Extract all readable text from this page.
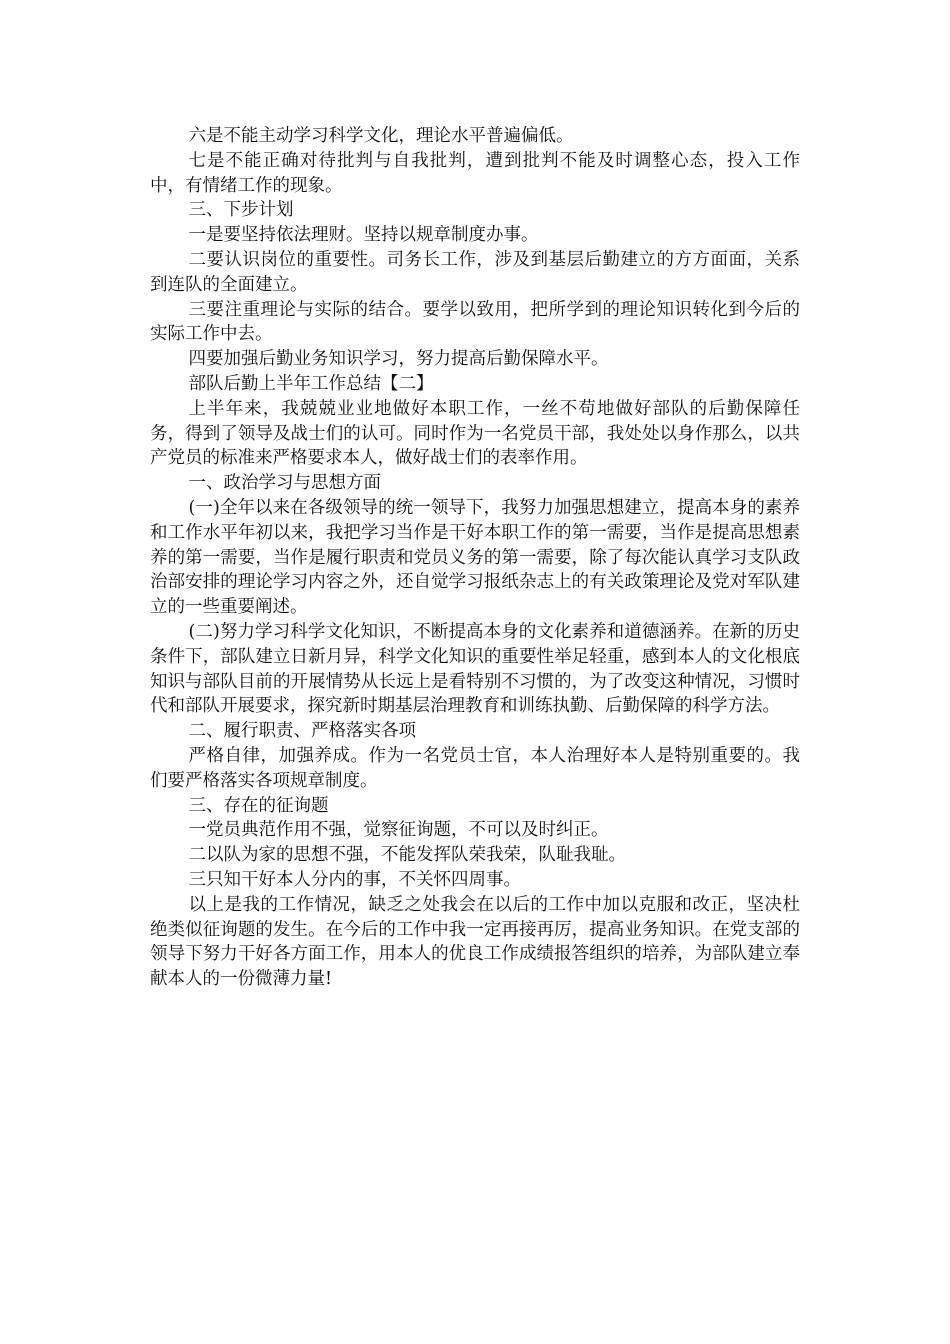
六是不能主动学习科学文化，理论水平普遍偏低。

七是不能正确对待批判与自我批判，遭到批判不能及时调整心态，投入工作中，有情绪工作的现象。

三、下步计划

一是要坚持依法理财。坚持以规章制度办事。

二要认识岗位的重要性。司务长工作，涉及到基层后勤建立的方方面面，关系到连队的全面建立。

三要注重理论与实际的结合。要学以致用，把所学到的理论知识转化到今后的实际工作中去。

四要加强后勤业务知识学习，努力提高后勤保障水平。

部队后勤上半年工作总结【二】

上半年来，我兢兢业业地做好本职工作，一丝不苟地做好部队的后勤保障任务，得到了领导及战士们的认可。同时作为一名党员干部，我处处以身作那么，以共产党员的标准来严格要求本人，做好战士们的表率作用。

一、政治学习与思想方面

(一)全年以来在各级领导的统一领导下，我努力加强思想建立，提高本身的素养和工作水平年初以来，我把学习当作是干好本职工作的第一需要，当作是提高思想素养的第一需要，当作是履行职责和党员义务的第一需要，除了每次能认真学习支队政治部安排的理论学习内容之外，还自觉学习报纸杂志上的有关政策理论及党对军队建立的一些重要阐述。

(二)努力学习科学文化知识，不断提高本身的文化素养和道德涵养。在新的历史条件下，部队建立日新月异，科学文化知识的重要性举足轻重，感到本人的文化根底知识与部队目前的开展情势从长远上是看特别不习惯的，为了改变这种情况，习惯时代和部队开展要求，探究新时期基层治理教育和训练执勤、后勤保障的科学方法。

二、履行职责、严格落实各项

严格自律，加强养成。作为一名党员士官，本人治理好本人是特别重要的。我们要严格落实各项规章制度。

三、存在的征询题

一党员典范作用不强，觉察征询题，不可以及时纠正。

二以队为家的思想不强，不能发挥队荣我荣，队耻我耻。

三只知干好本人分内的事，不关怀四周事。

以上是我的工作情况，缺乏之处我会在以后的工作中加以克服和改正，坚决杜绝类似征询题的发生。在今后的工作中我一定再接再厉，提高业务知识。在党支部的领导下努力干好各方面工作，用本人的优良工作成绩报答组织的培养，为部队建立奉献本人的一份微薄力量!
